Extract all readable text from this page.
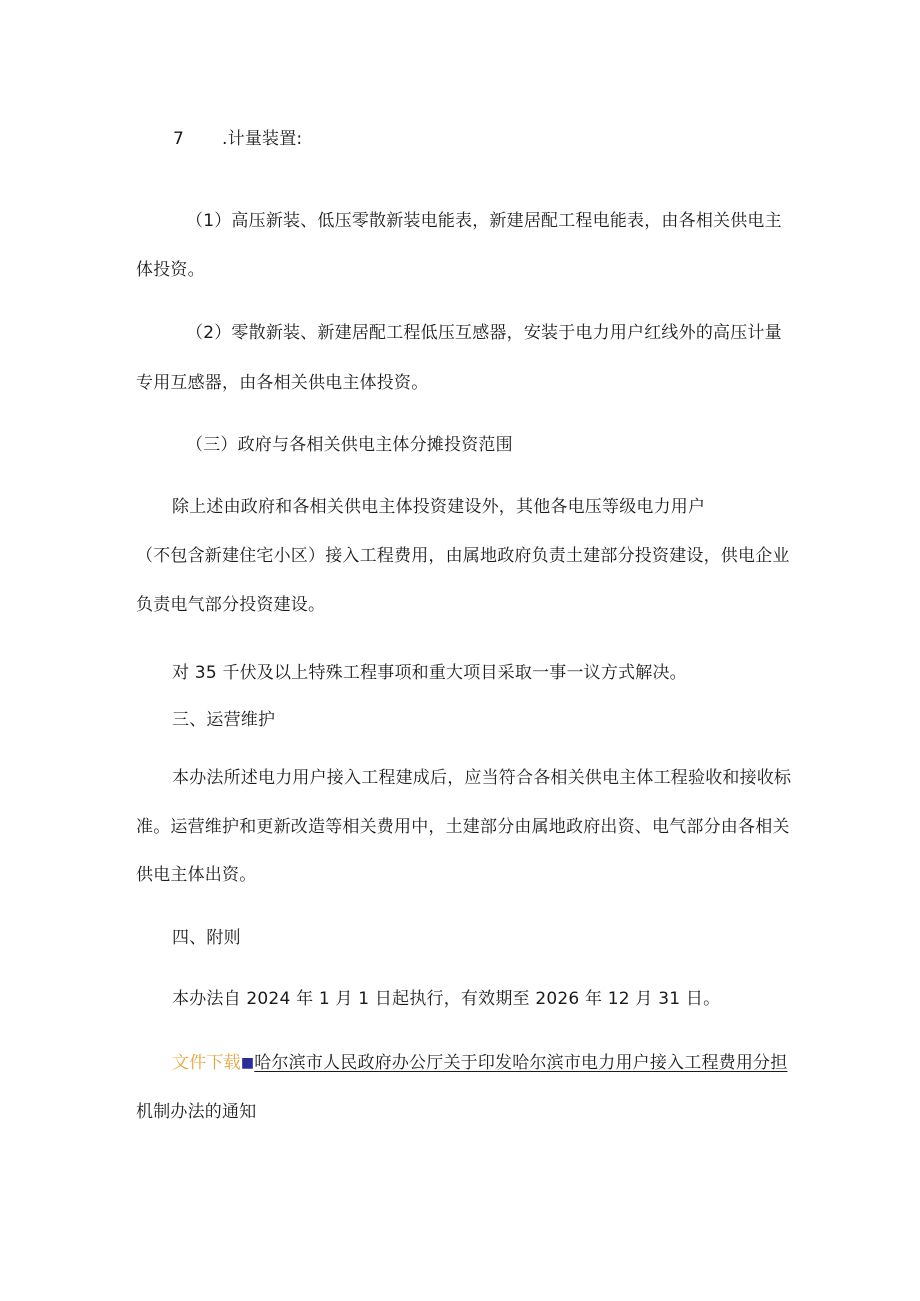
7 .计量装置:
（1）高压新装、低压零散新装电能表，新建居配工程电能表，由各相关供电主
体投资。
（2）零散新装、新建居配工程低压互感器，安装于电力用户红线外的高压计量
专用互感器，由各相关供电主体投资。
（三）政府与各相关供电主体分摊投资范围
除上述由政府和各相关供电主体投资建设外，其他各电压等级电力用户
（不包含新建住宅小区）接入工程费用，由属地政府负责土建部分投资建设，供电企业
负责电气部分投资建设。
对 35 千伏及以上特殊工程事项和重大项目采取一事一议方式解决。
三、运营维护
本办法所述电力用户接入工程建成后，应当符合各相关供电主体工程验收和接收标
准。运营维护和更新改造等相关费用中，土建部分由属地政府出资、电气部分由各相关
供电主体出资。
四、附则
本办法自 2024 年 1 月 1 日起执行，有效期至 2026 年 12 月 31 日。
文件下载■哈尔滨市人民政府办公厅关于印发哈尔滨市电力用户接入工程费用分担
机制办法的通知
